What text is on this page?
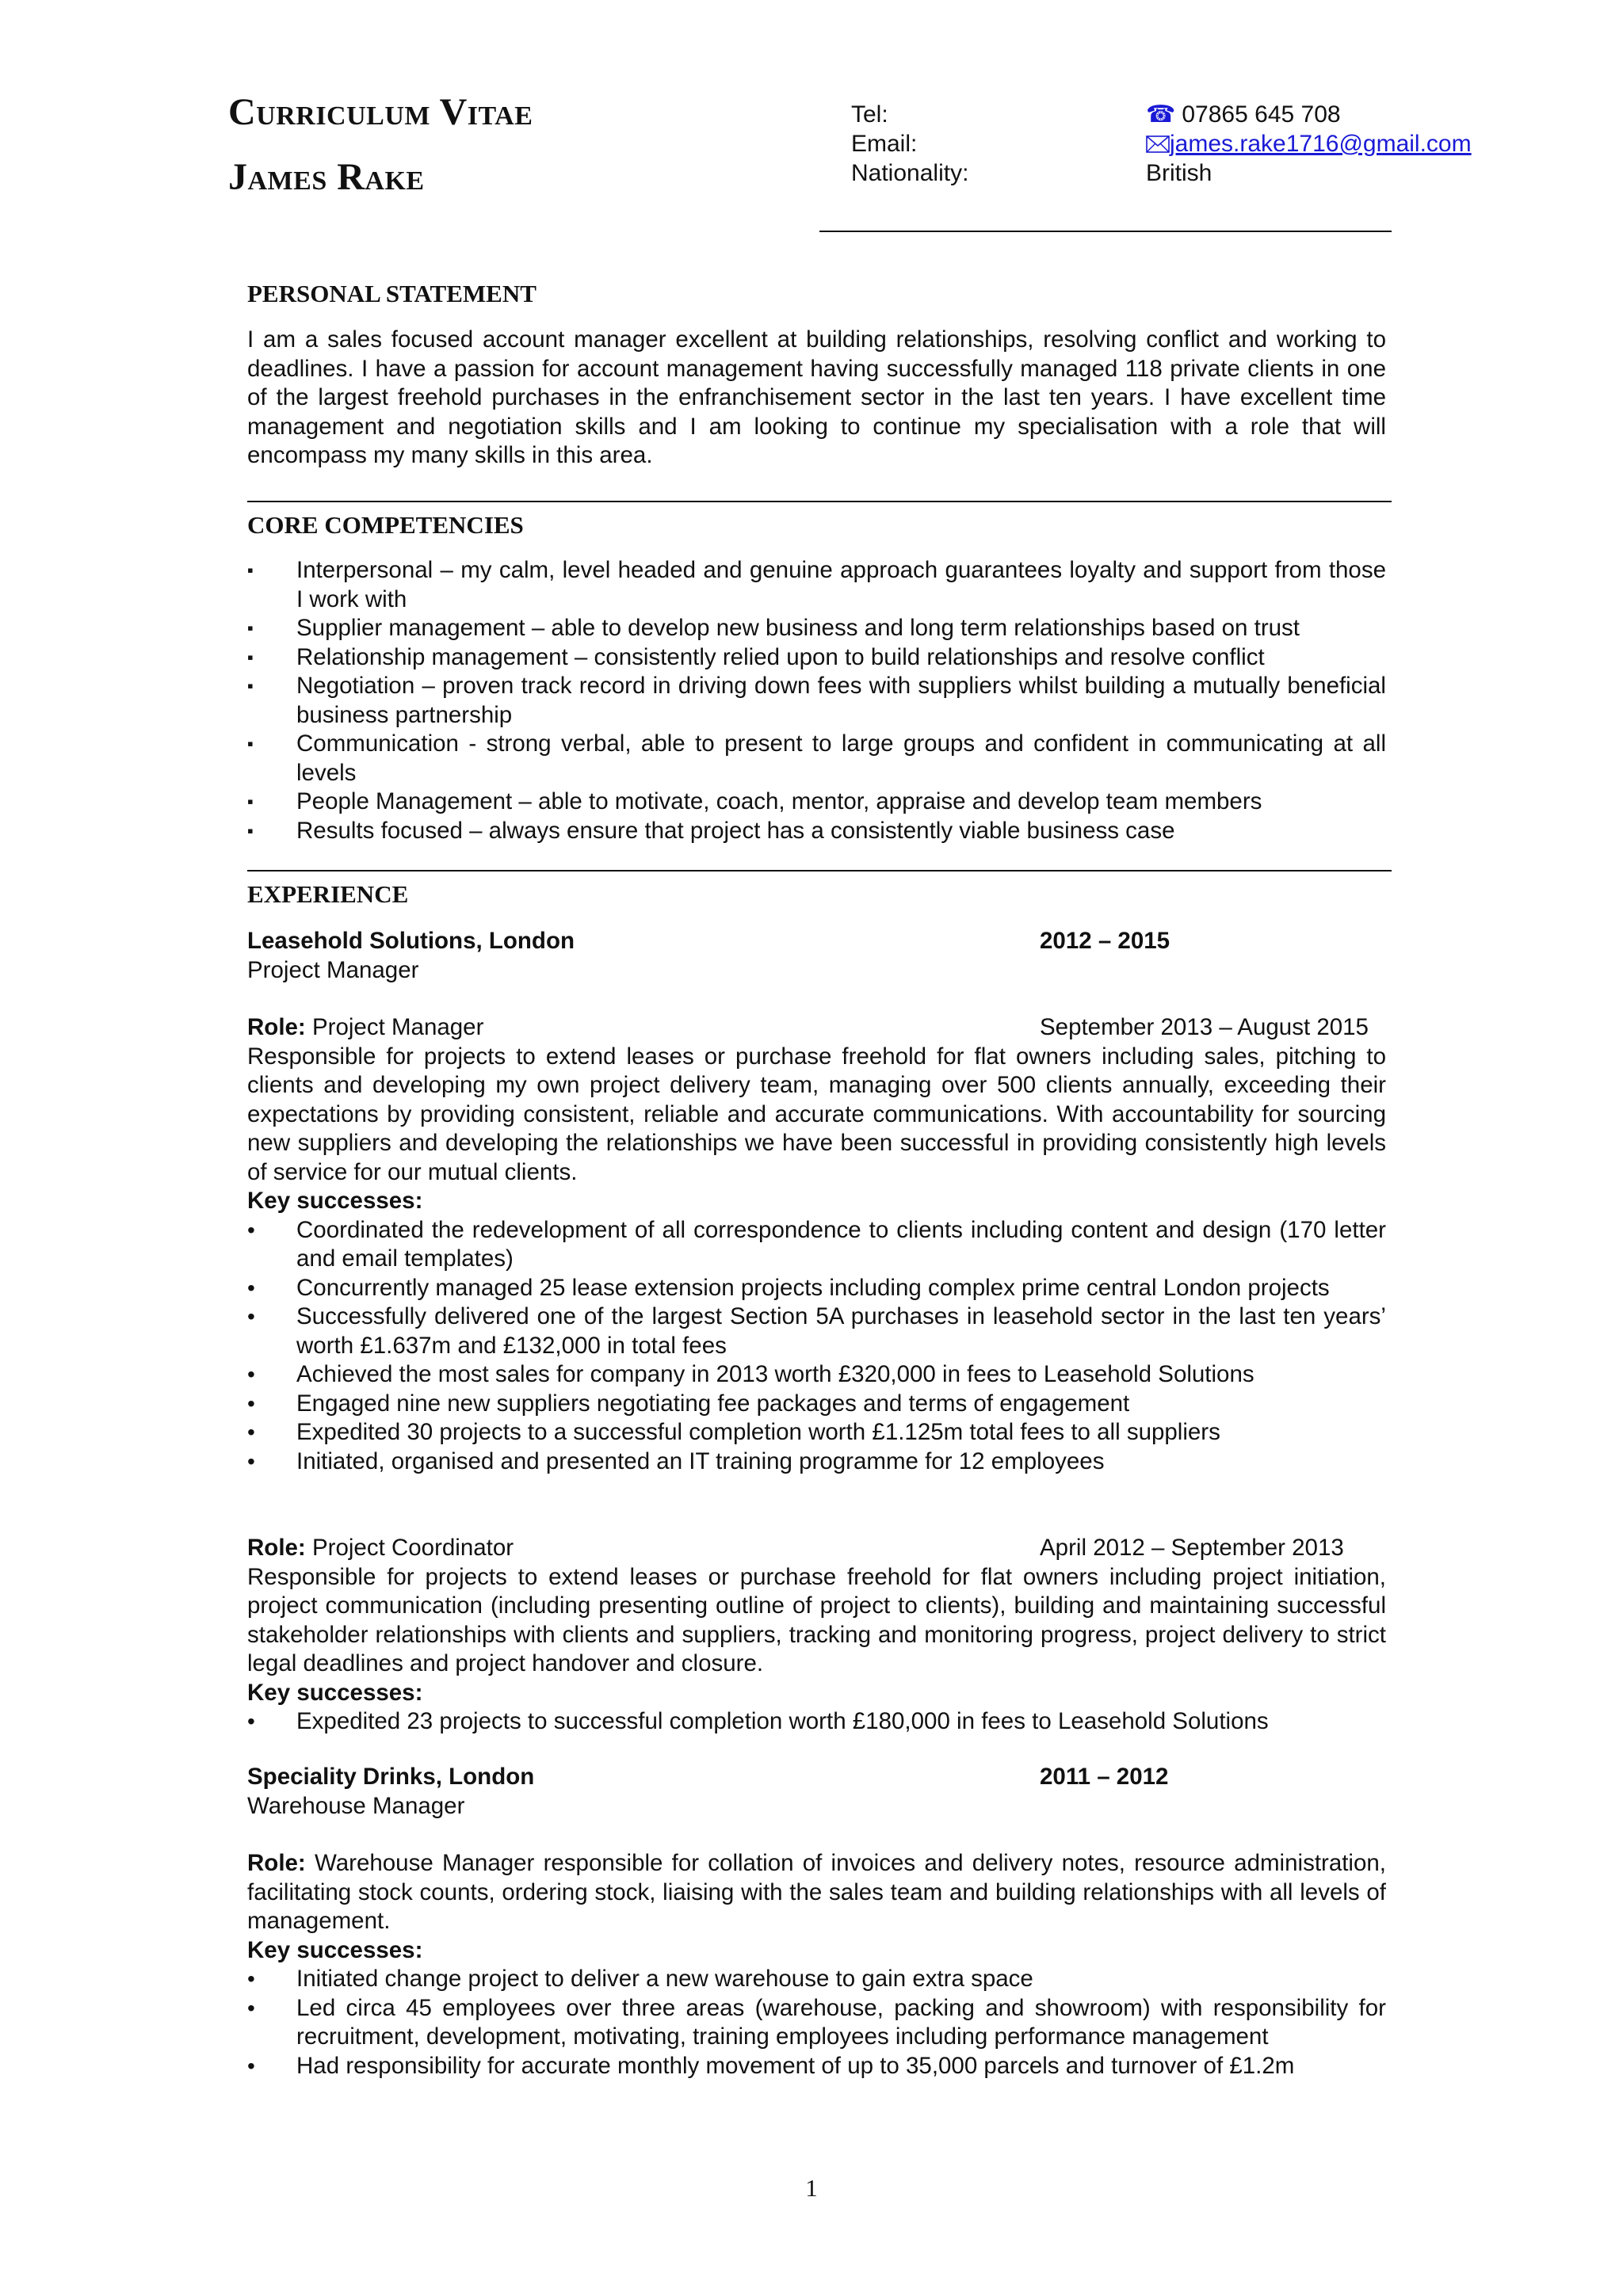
Curriculum Vitae
James Rake
Tel:	☎ 07865 645 708
Email:	james.rake1716@gmail.com
Nationality:	British
PERSONAL STATEMENT

I am a sales focused account manager excellent at building relationships, resolving conflict and working to deadlines. I have a passion for account management having successfully managed 118 private clients in one of the largest freehold purchases in the enfranchisement sector in the last ten years. I have excellent time management and negotiation skills and I am looking to continue my specialisation with a role that will encompass my many skills in this area.

CORE COMPETENCIES
▪ Interpersonal – my calm, level headed and genuine approach guarantees loyalty and support from those I work with
▪ Supplier management – able to develop new business and long term relationships based on trust
▪ Relationship management – consistently relied upon to build relationships and resolve conflict
▪ Negotiation – proven track record in driving down fees with suppliers whilst building a mutually beneficial business partnership
▪ Communication - strong verbal, able to present to large groups and confident in communicating at all levels
▪ People Management – able to motivate, coach, mentor, appraise and develop team members
▪ Results focused – always ensure that project has a consistently viable business case
EXPERIENCE
Leasehold Solutions, London	2012 – 2015
Project Manager
Role: Project Manager	September 2013 – August 2015

Responsible for projects to extend leases or purchase freehold for flat owners including sales, pitching to clients and developing my own project delivery team, managing over 500 clients annually, exceeding their expectations by providing consistent, reliable and accurate communications. With accountability for sourcing new suppliers and developing the relationships we have been successful in providing consistently high levels of service for our mutual clients.

Key successes:
• Coordinated the redevelopment of all correspondence to clients including content and design (170 letter and email templates)
• Concurrently managed 25 lease extension projects including complex prime central London projects
• Successfully delivered one of the largest Section 5A purchases in leasehold sector in the last ten years’ worth £1.637m and £132,000 in total fees
• Achieved the most sales for company in 2013 worth £320,000 in fees to Leasehold Solutions
• Engaged nine new suppliers negotiating fee packages and terms of engagement
• Expedited 30 projects to a successful completion worth £1.125m total fees to all suppliers
• Initiated, organised and presented an IT training programme for 12 employees
Role: Project Coordinator	April 2012 – September 2013

Responsible for projects to extend leases or purchase freehold for flat owners including project initiation, project communication (including presenting outline of project to clients), building and maintaining successful stakeholder relationships with clients and suppliers, tracking and monitoring progress, project delivery to strict legal deadlines and project handover and closure.

Key successes:
• Expedited 23 projects to successful completion worth £180,000 in fees to Leasehold Solutions
Speciality Drinks, London	2011 – 2012
Warehouse Manager

Role: Warehouse Manager responsible for collation of invoices and delivery notes, resource administration, facilitating stock counts, ordering stock, liaising with the sales team and building relationships with all levels of management.

Key successes:
• Initiated change project to deliver a new warehouse to gain extra space
• Led circa 45 employees over three areas (warehouse, packing and showroom) with responsibility for recruitment, development, motivating, training employees including performance management
• Had responsibility for accurate monthly movement of up to 35,000 parcels and turnover of £1.2m
1
